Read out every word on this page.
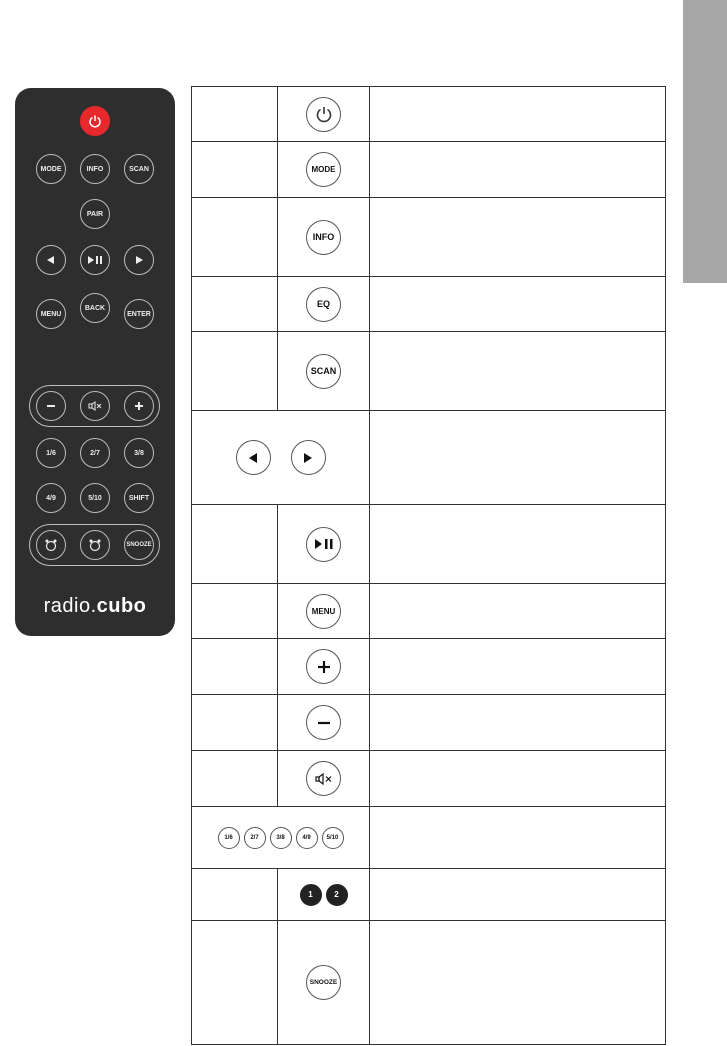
MODE	INFO	SCAN
PAIR
MENU
BACK
ENTER
1/6	2/7	3/8
4/9	5/10	SHIFT
SNOOZE
radio.cubo
MODE
INFO
EQ
SCAN
MENU
1/6	2/7	3/8	4/9	5/10
1	2
SNOOZE
